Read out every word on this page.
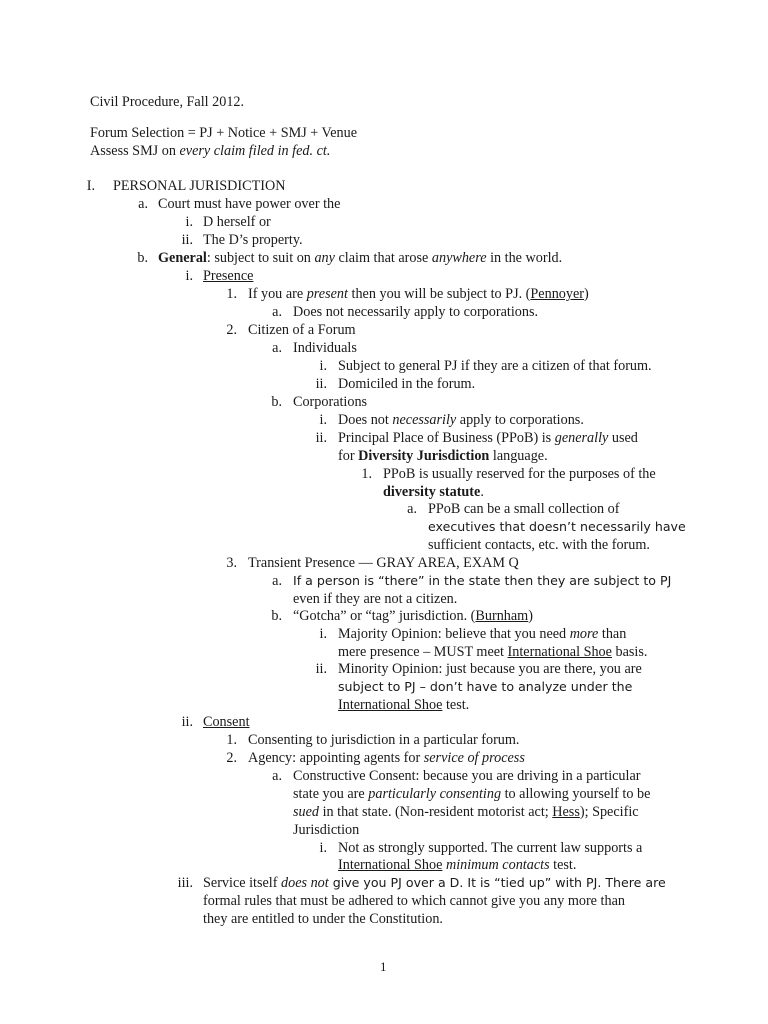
Civil Procedure, Fall 2012.
Forum Selection = PJ + Notice + SMJ + Venue
Assess SMJ on every claim filed in fed. ct.
I. PERSONAL JURISDICTION
a. Court must have power over the
i. D herself or
ii. The D’s property.
b. General: subject to suit on any claim that arose anywhere in the world.
i. Presence
1. If you are present then you will be subject to PJ. (Pennoyer)
a. Does not necessarily apply to corporations.
2. Citizen of a Forum
a. Individuals
i. Subject to general PJ if they are a citizen of that forum.
ii. Domiciled in the forum.
b. Corporations
i. Does not necessarily apply to corporations.
ii. Principal Place of Business (PPoB) is generally used
for Diversity Jurisdiction language.
1. PPoB is usually reserved for the purposes of the
diversity statute.
a. PPoB can be a small collection of
executives that doesn’t necessarily have
sufficient contacts, etc. with the forum.
3. Transient Presence — GRAY AREA, EXAM Q
a. If a person is “there” in the state then they are subject to PJ
even if they are not a citizen.
b. “Gotcha” or “tag” jurisdiction. (Burnham)
i. Majority Opinion: believe that you need more than
mere presence – MUST meet International Shoe basis.
ii. Minority Opinion: just because you are there, you are
subject to PJ – don’t have to analyze under the
International Shoe test.
ii. Consent
1. Consenting to jurisdiction in a particular forum.
2. Agency: appointing agents for service of process
a. Constructive Consent: because you are driving in a particular
state you are particularly consenting to allowing yourself to be
sued in that state. (Non-resident motorist act; Hess); Specific
Jurisdiction
i. Not as strongly supported. The current law supports a
International Shoe minimum contacts test.
iii. Service itself does not give you PJ over a D. It is “tied up” with PJ. There are
formal rules that must be adhered to which cannot give you any more than
they are entitled to under the Constitution.
1
